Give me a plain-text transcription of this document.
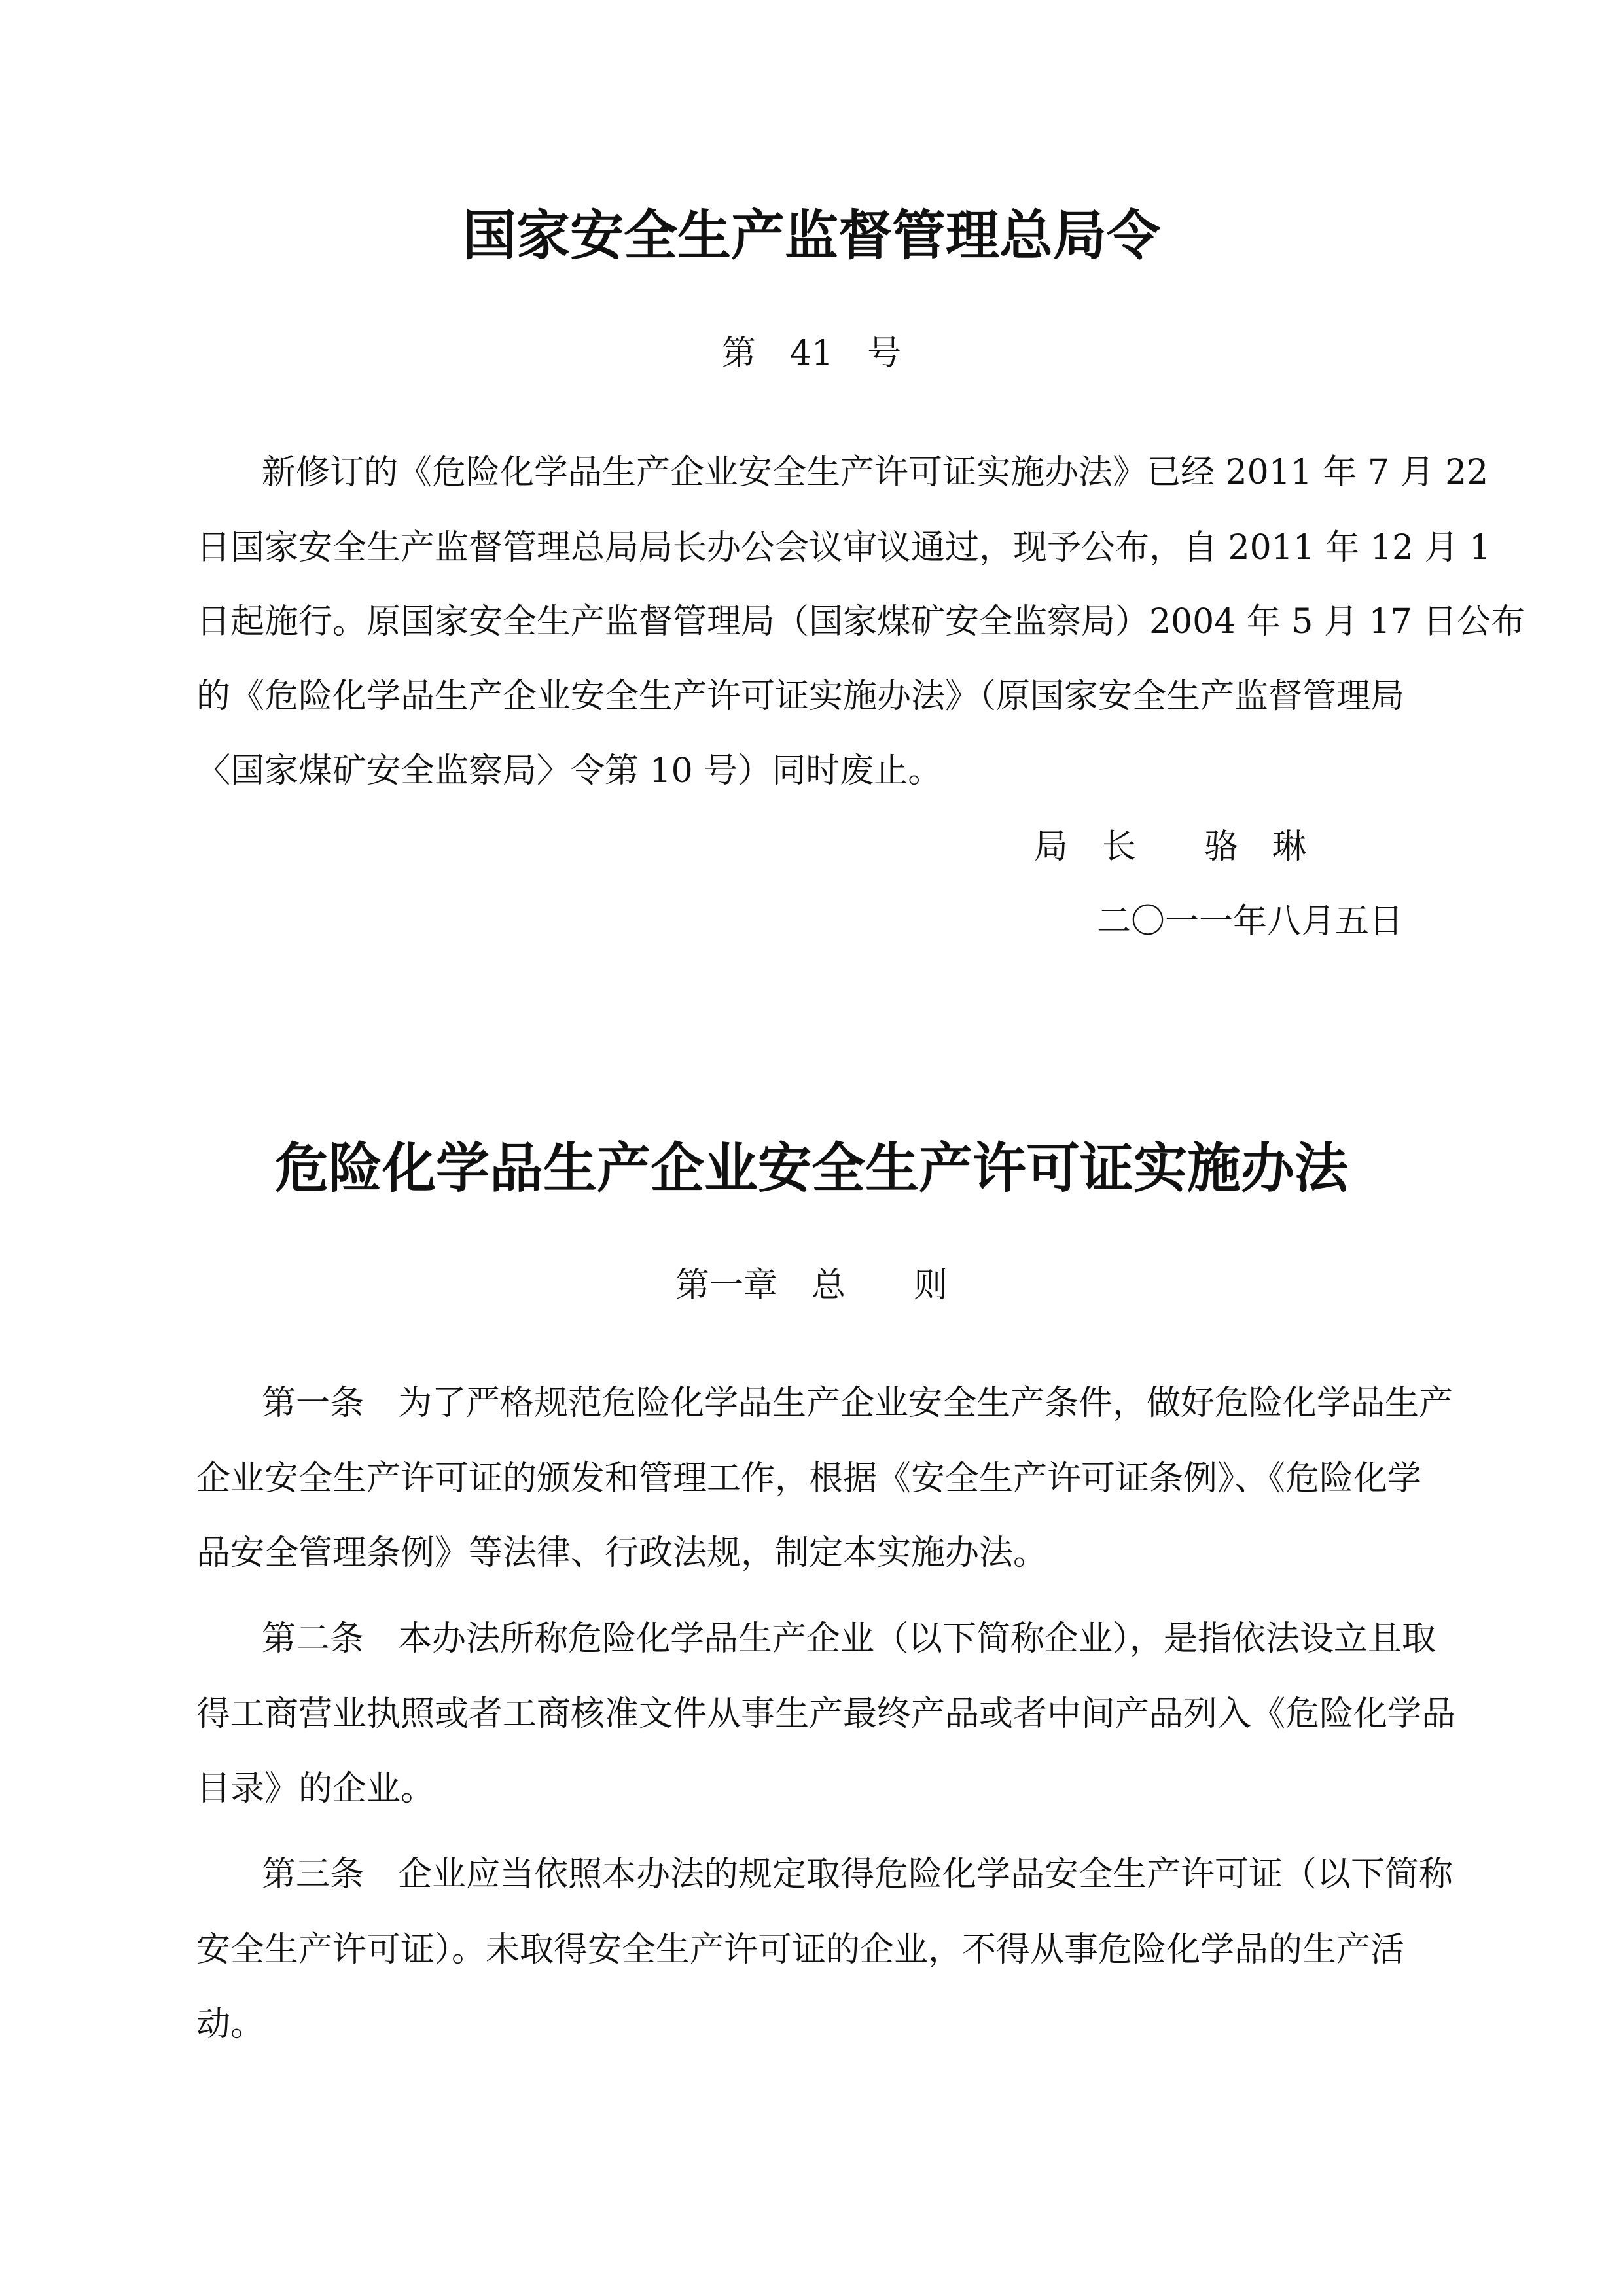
国家安全生产监督管理总局令
第　41　号
新修订的《危险化学品生产企业安全生产许可证实施办法》已经 2011 年 7 月 22
日国家安全生产监督管理总局局长办公会议审议通过，现予公布，自 2011 年 12 月 1
日起施行。原国家安全生产监督管理局（国家煤矿安全监察局）2004 年 5 月 17 日公布
的《危险化学品生产企业安全生产许可证实施办法》（原国家安全生产监督管理局
〈国家煤矿安全监察局〉令第 10 号）同时废止。
局　长　　骆　琳
二〇一一年八月五日
危险化学品生产企业安全生产许可证实施办法
第一章　总　　则
第一条　 为了严格规范危险化学品生产企业安全生产条件，做好危险化学品生产
企业安全生产许可证的颁发和管理工作，根据《安全生产许可证条例》、《危险化学
品安全管理条例》等法律、行政法规，制定本实施办法。
第二条　 本办法所称危险化学品生产企业（以下简称企业），是指依法设立且取
得工商营业执照或者工商核准文件从事生产最终产品或者中间产品列入《危险化学品
目录》的企业。
第三条　 企业应当依照本办法的规定取得危险化学品安全生产许可证（以下简称
安全生产许可证）。未取得安全生产许可证的企业，不得从事危险化学品的生产活
动。
